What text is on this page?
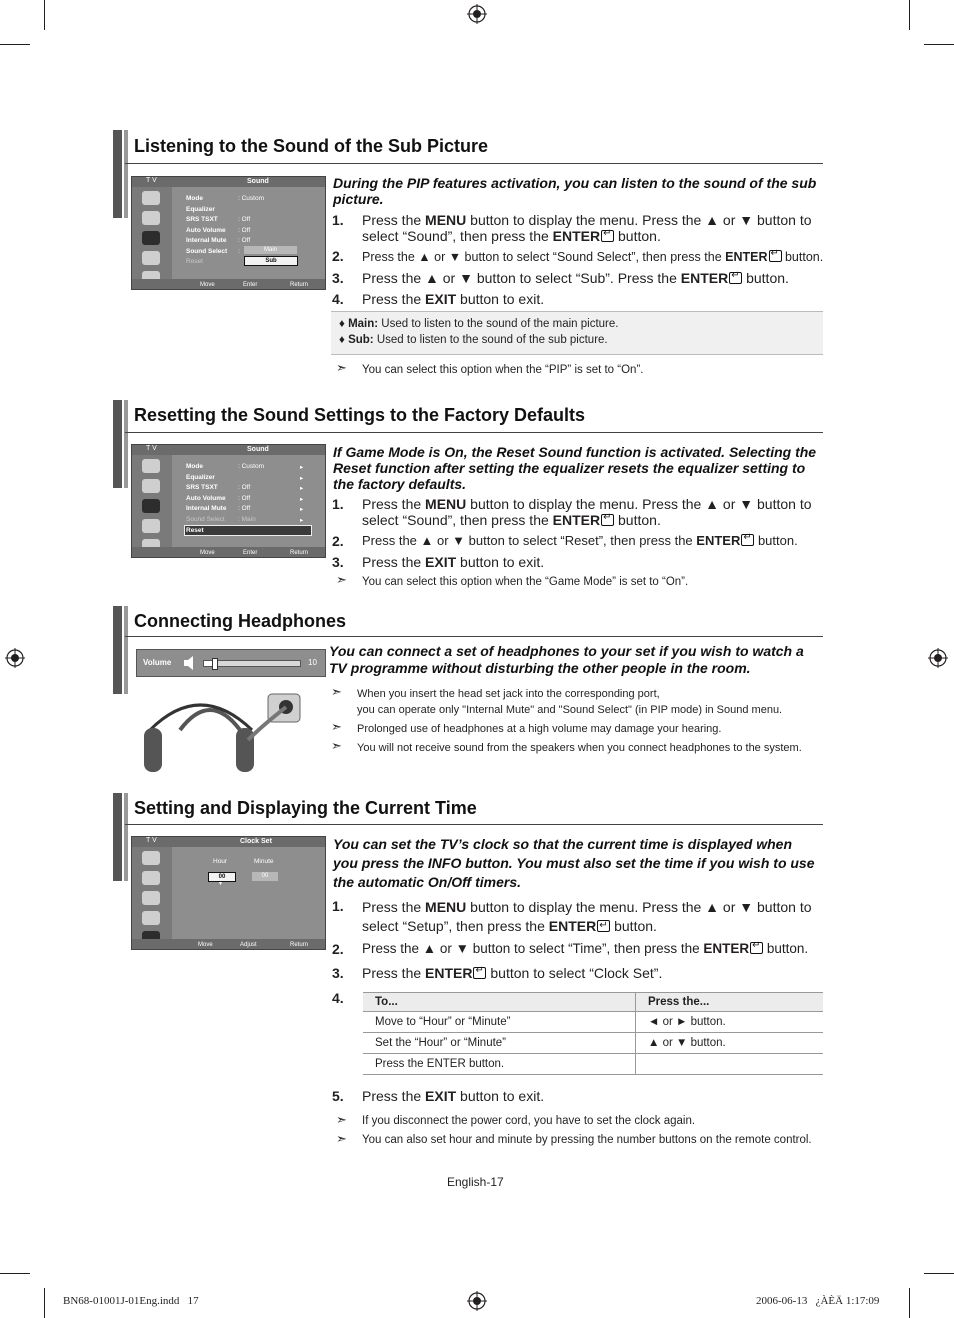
Listening to the Sound of the Sub Picture
T V	Sound
Mode	: Custom
Equalizer
SRS TSXT	: Off
Auto Volume : Off
Internal Mute : Off
Sound Select :
Reset
Main
Sub
Move	Enter	Return
During the PIP features activation, you can listen to the sound of the sub picture.
1. Press the MENU button to display the menu. Press the ▲ or ▼ button to
select “Sound”, then press the ENTER↵ button.
2. Press the ▲ or ▼ button to select “Sound Select”, then press the ENTER↵ button.
3. Press the ▲ or ▼ button to select “Sub”. Press the ENTER↵ button.
4. Press the EXIT button to exit.
♦ Main: Used to listen to the sound of the main picture.
♦ Sub: Used to listen to the sound of the sub picture.
➣ You can select this option when the “PIP” is set to “On”.
Resetting the Sound Settings to the Factory Defaults
T V	Sound
Mode	: Custom
Equalizer
SRS TSXT	: Off
Auto Volume : Off
Internal Mute : Off
Sound Select : Main
Reset
▸
▸
▸
▸
▸
▸
Move	Enter	Return
If Game Mode is On, the Reset Sound function is activated. Selecting the Reset function after setting the equalizer resets the equalizer setting to the factory defaults.
1. Press the MENU button to display the menu. Press the ▲ or ▼ button to
select “Sound”, then press the ENTER↵ button.
2. Press the ▲ or ▼ button to select “Reset”, then press the ENTER↵ button.
3. Press the EXIT button to exit.
➣ You can select this option when the “Game Mode” is set to “On”.
Connecting Headphones
Volume	10
You can connect a set of headphones to your set if you wish to watch a TV programme without disturbing the other people in the room.
➣ When you insert the head set jack into the corresponding port,
you can operate only "Internal Mute" and "Sound Select" (in PIP mode) in Sound menu.
➣ Prolonged use of headphones at a high volume may damage your hearing.
➣ You will not receive sound from the speakers when you connect headphones to the system.
Setting and Displaying the Current Time
T V	Clock Set
Hour	Minute
00	00
▼
Move	Adjust	Return
You can set the TV’s clock so that the current time is displayed when you press the INFO button. You must also set the time if you wish to use the automatic On/Off timers.
1. Press the MENU button to display the menu. Press the ▲ or ▼ button to
select “Setup”, then press the ENTER↵ button.
2. Press the ▲ or ▼ button to select “Time”, then press the ENTER↵ button.
3. Press the ENTER↵ button to select “Clock Set”.
4.	To...	Press the...
Move to “Hour” or “Minute”	◄ or ► button.
Set the “Hour” or “Minute”	▲ or ▼ button.
Press the ENTER button.	
5. Press the EXIT button to exit.
➣ If you disconnect the power cord, you have to set the clock again.
➣ You can also set hour and minute by pressing the number buttons on the remote control.
English-17
BN68-01001J-01Eng.indd   17	2006-06-13   ¿ÀÈÄ 1:17:09
